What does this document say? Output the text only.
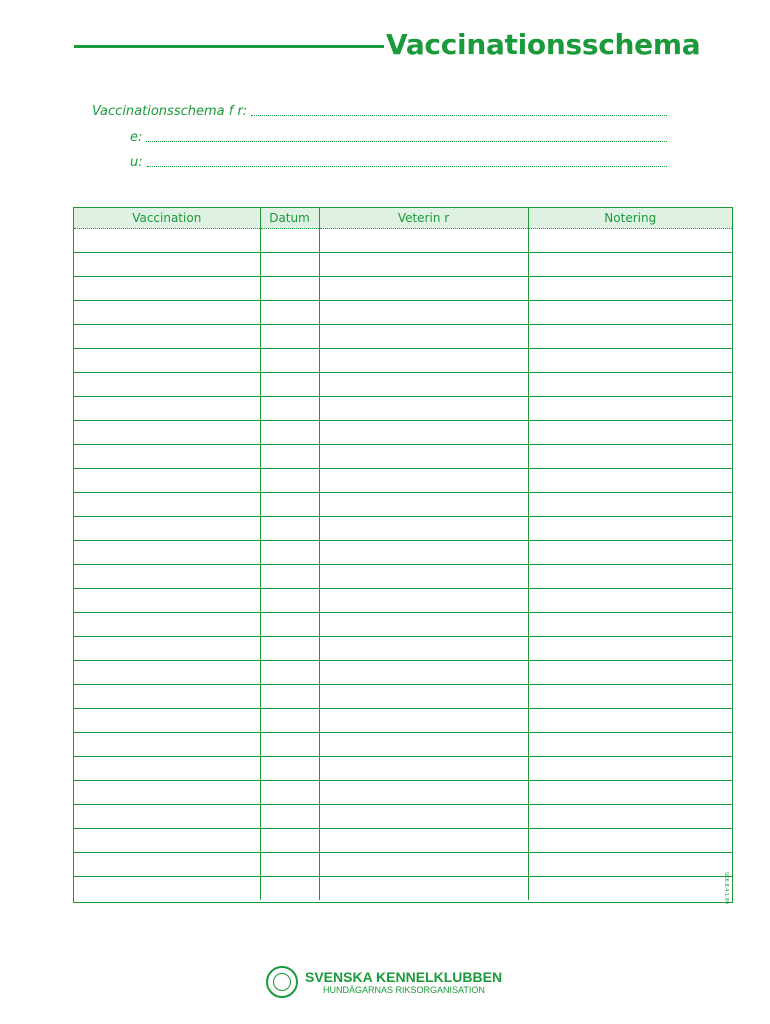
Vaccinationsschema
Vaccinationsschema f r:
e:
u:
Vaccination	Datum	Veterin r	Notering

SKK 8.4.1.99
SVENSKA KENNELKLUBBEN
HUNDÄGARNAS RIKSORGANISATION
